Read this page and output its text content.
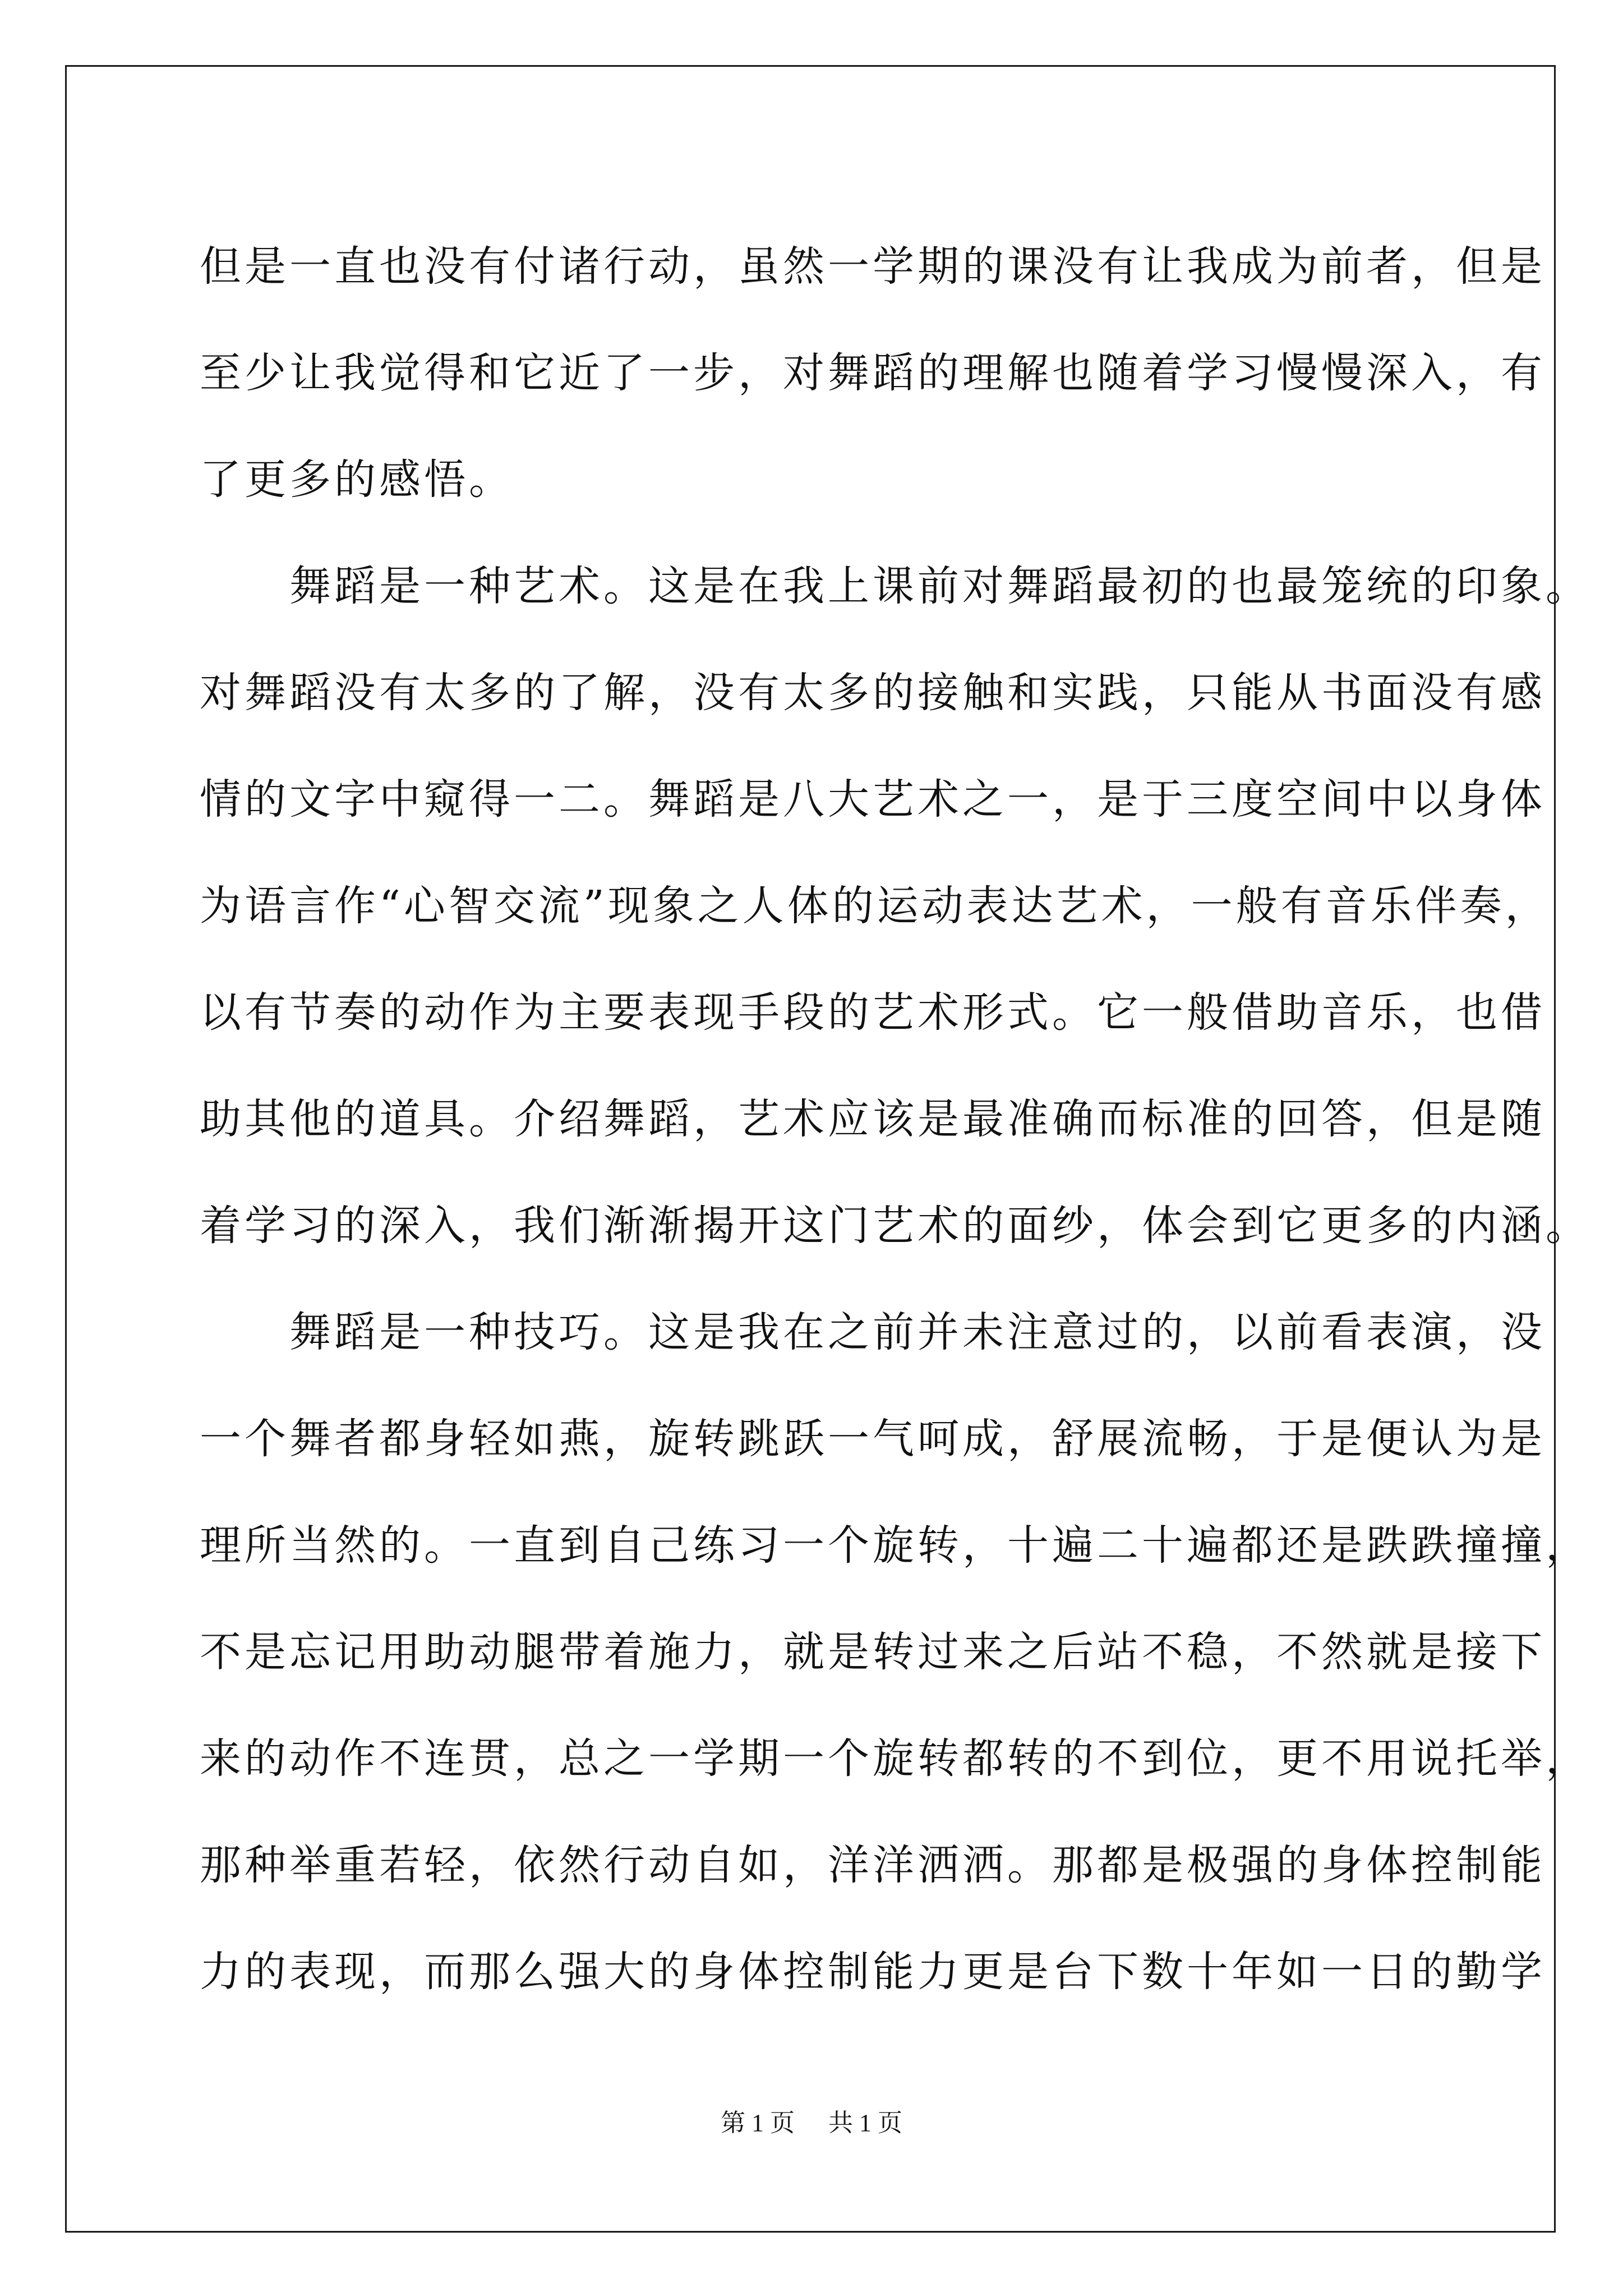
但是一直也没有付诸行动，虽然一学期的课没有让我成为前者，但是
至少让我觉得和它近了一步，对舞蹈的理解也随着学习慢慢深入，有
了更多的感悟。
　　舞蹈是一种艺术。这是在我上课前对舞蹈最初的也最笼统的印象。
对舞蹈没有太多的了解，没有太多的接触和实践，只能从书面没有感
情的文字中窥得一二。舞蹈是八大艺术之一，是于三度空间中以身体
为语言作“心智交流”现象之人体的运动表达艺术，一般有音乐伴奏，
以有节奏的动作为主要表现手段的艺术形式。它一般借助音乐，也借
助其他的道具。介绍舞蹈，艺术应该是最准确而标准的回答，但是随
着学习的深入，我们渐渐揭开这门艺术的面纱，体会到它更多的内涵。
　　舞蹈是一种技巧。这是我在之前并未注意过的，以前看表演，没
一个舞者都身轻如燕，旋转跳跃一气呵成，舒展流畅，于是便认为是
理所当然的。一直到自己练习一个旋转，十遍二十遍都还是跌跌撞撞，
不是忘记用助动腿带着施力，就是转过来之后站不稳，不然就是接下
来的动作不连贯，总之一学期一个旋转都转的不到位，更不用说托举，
那种举重若轻，依然行动自如，洋洋洒洒。那都是极强的身体控制能
力的表现，而那么强大的身体控制能力更是台下数十年如一日的勤学
第 1 页 共 1 页
